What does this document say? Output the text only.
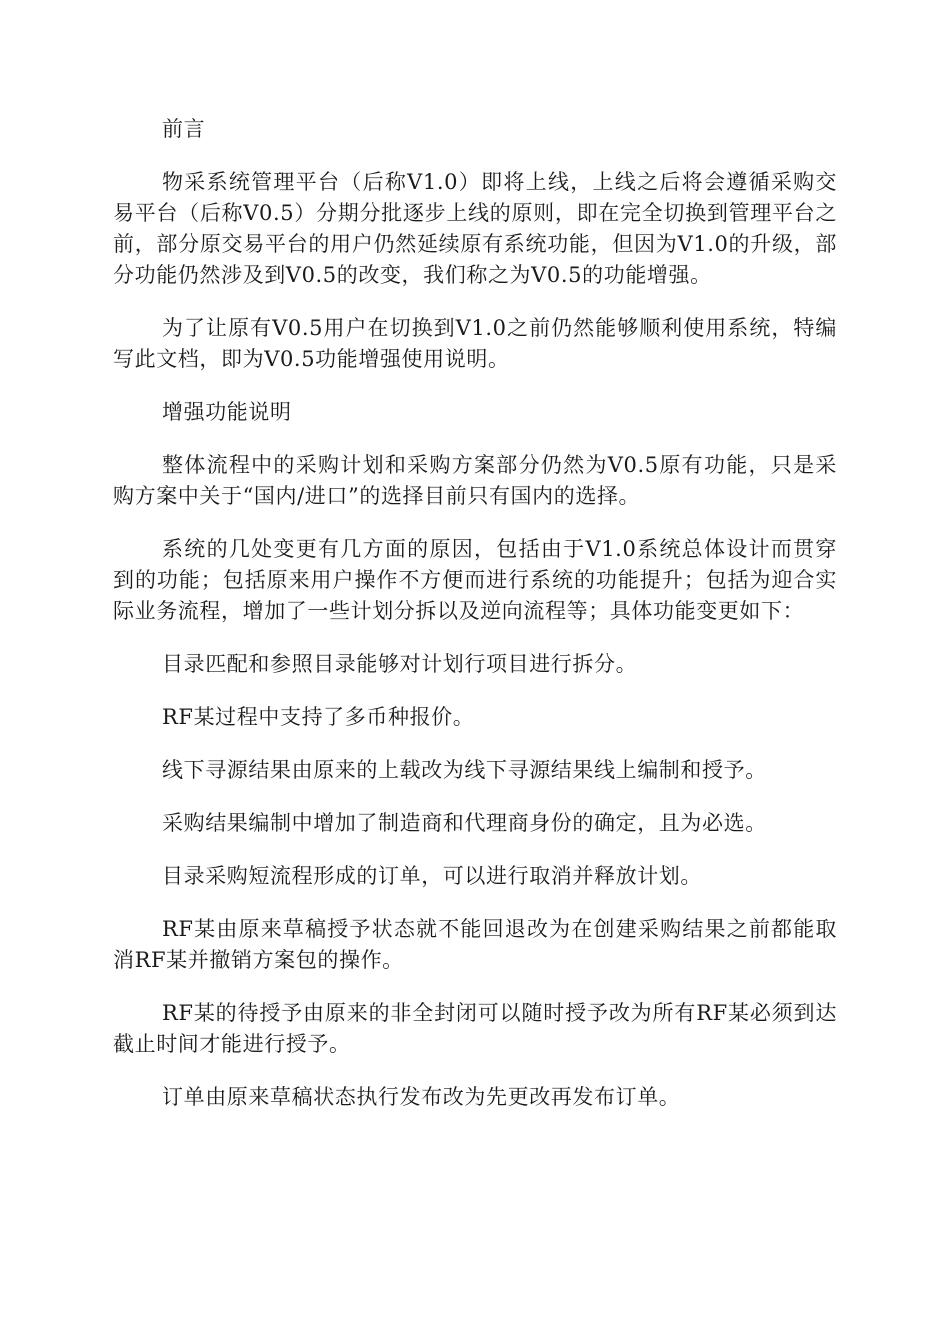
前言

物采系统管理平台（后称V1.0）即将上线，上线之后将会遵循采购交易平台（后称V0.5）分期分批逐步上线的原则，即在完全切换到管理平台之前，部分原交易平台的用户仍然延续原有系统功能，但因为V1.0的升级，部分功能仍然涉及到V0.5的改变，我们称之为V0.5的功能增强。

为了让原有V0.5用户在切换到V1.0之前仍然能够顺利使用系统，特编写此文档，即为V0.5功能增强使用说明。

增强功能说明

整体流程中的采购计划和采购方案部分仍然为V0.5原有功能，只是采购方案中关于“国内/进口”的选择目前只有国内的选择。

系统的几处变更有几方面的原因，包括由于V1.0系统总体设计而贯穿到的功能；包括原来用户操作不方便而进行系统的功能提升；包括为迎合实际业务流程，增加了一些计划分拆以及逆向流程等；具体功能变更如下：

目录匹配和参照目录能够对计划行项目进行拆分。

RF某过程中支持了多币种报价。

线下寻源结果由原来的上载改为线下寻源结果线上编制和授予。

采购结果编制中增加了制造商和代理商身份的确定，且为必选。

目录采购短流程形成的订单，可以进行取消并释放计划。

RF某由原来草稿授予状态就不能回退改为在创建采购结果之前都能取消RF某并撤销方案包的操作。

RF某的待授予由原来的非全封闭可以随时授予改为所有RF某必须到达截止时间才能进行授予。

订单由原来草稿状态执行发布改为先更改再发布订单。
